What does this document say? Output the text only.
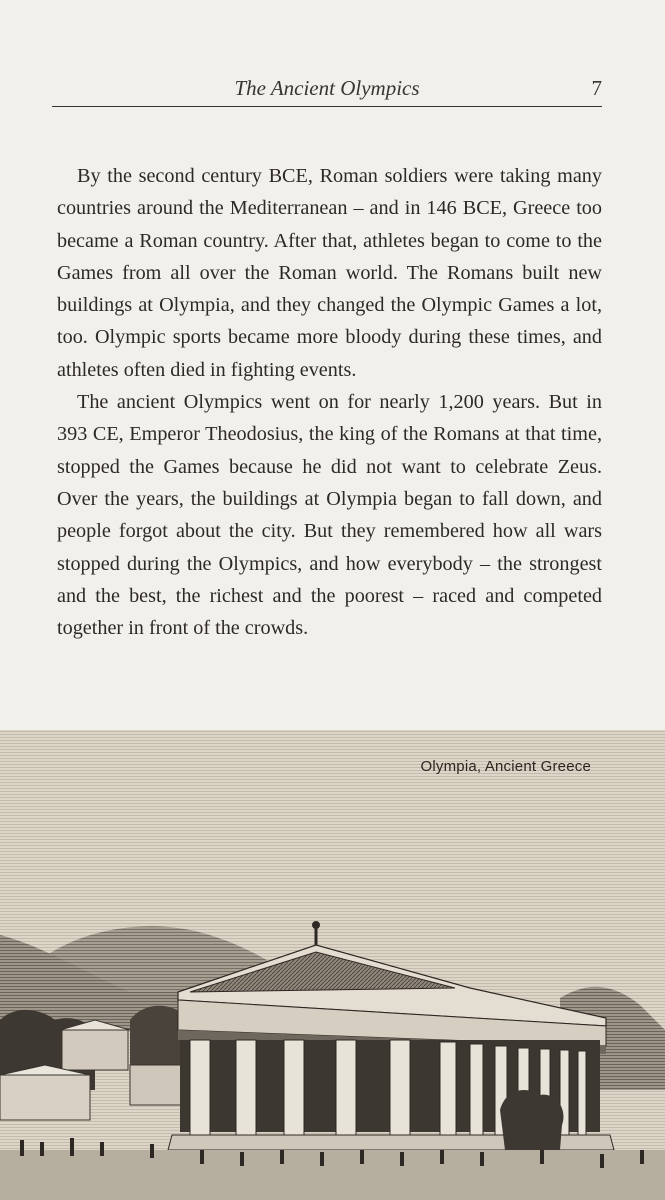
The Ancient Olympics	7

By the second century BCE, Roman soldiers were taking many countries around the Mediterranean – and in 146 BCE, Greece too became a Roman country. After that, athletes began to come to the Games from all over the Roman world. The Romans built new buildings at Olympia, and they changed the Olympic Games a lot, too. Olympic sports became more bloody during these times, and athletes often died in fighting events.

The ancient Olympics went on for nearly 1,200 years. But in 393 CE, Emperor Theodosius, the king of the Romans at that time, stopped the Games because he did not want to celebrate Zeus. Over the years, the buildings at Olympia began to fall down, and people forgot about the city. But they remembered how all wars stopped during the Olympics, and how everybody – the strongest and the best, the richest and the poorest – raced and competed together in front of the crowds.

Olympia, Ancient Greece
